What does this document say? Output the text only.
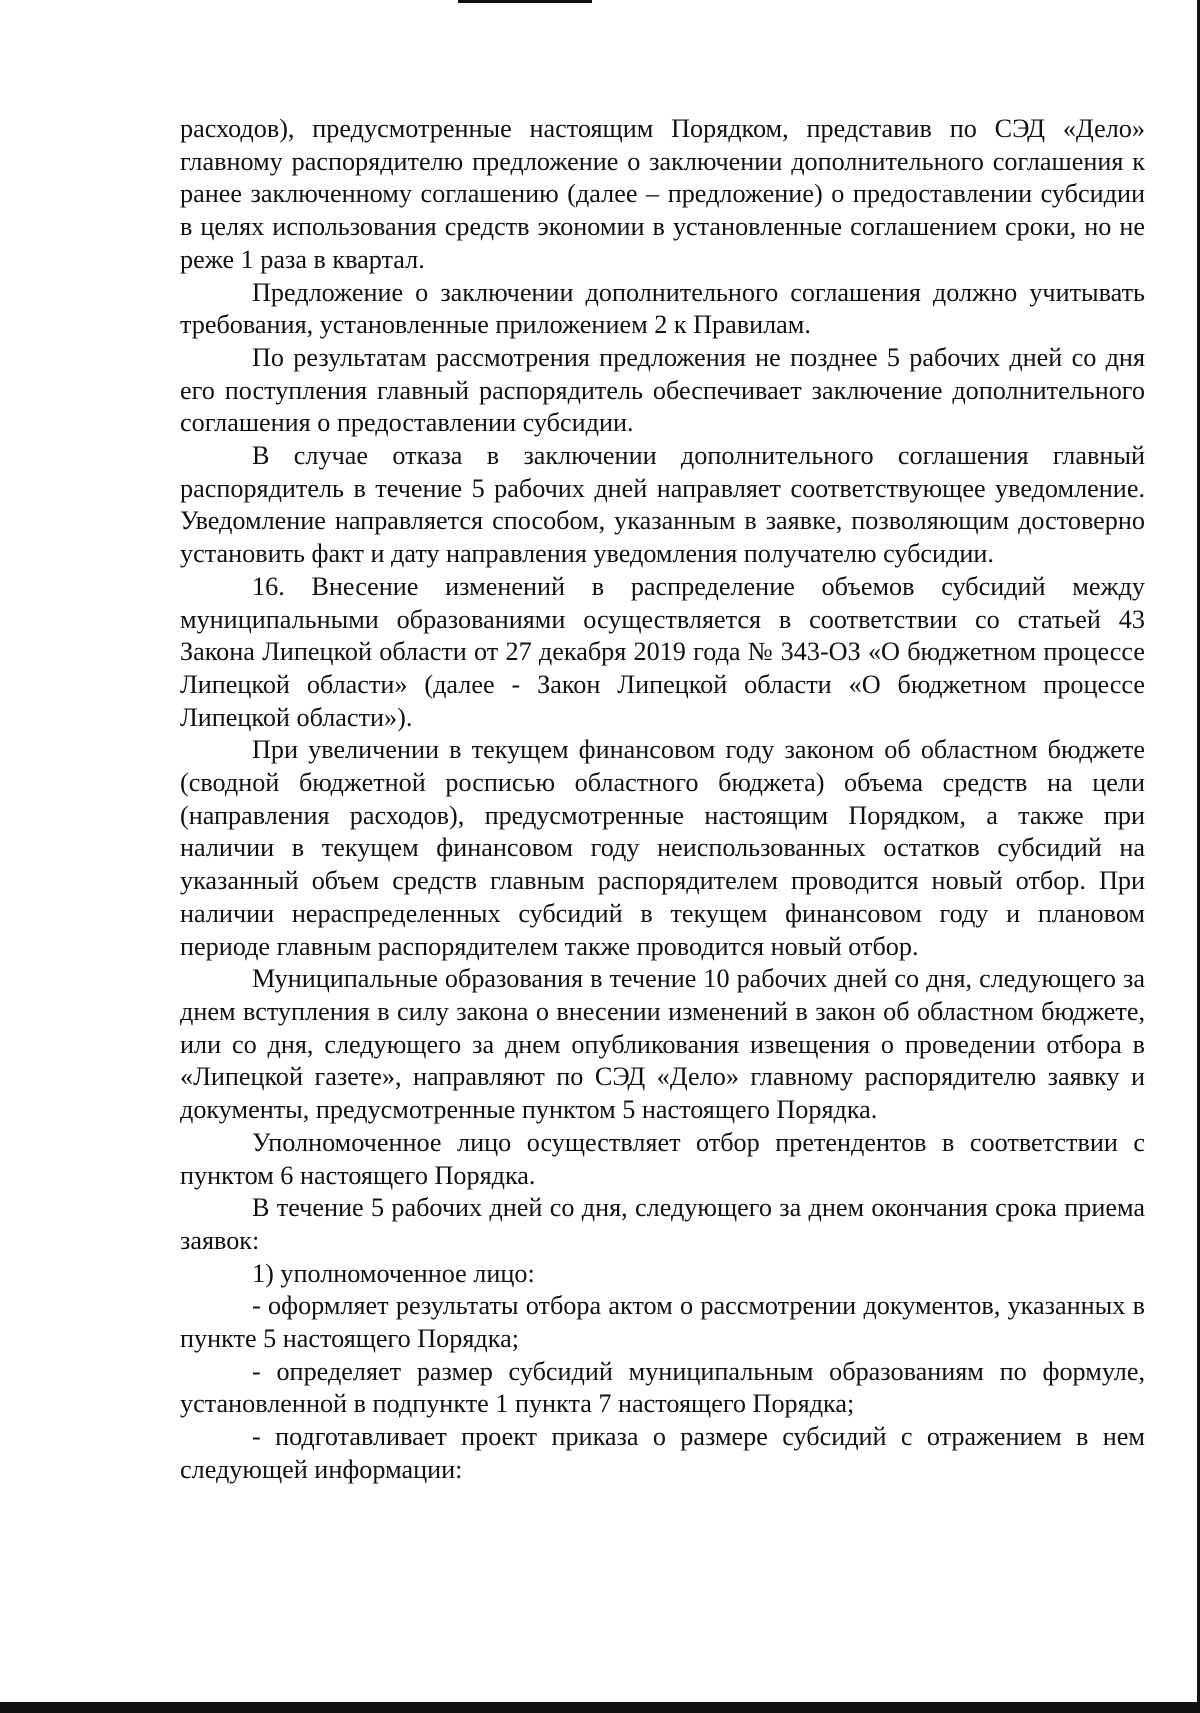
расходов), предусмотренные настоящим Порядком, представив по СЭД «Дело» главному распорядителю предложение о заключении дополнительного соглашения к ранее заключенному соглашению (далее – предложение) о предоставлении субсидии в целях использования средств экономии в установленные соглашением сроки, но не реже 1 раза в квартал.

Предложение о заключении дополнительного соглашения должно учитывать требования, установленные приложением 2 к Правилам.

По результатам рассмотрения предложения не позднее 5 рабочих дней со дня его поступления главный распорядитель обеспечивает заключение дополнительного соглашения о предоставлении субсидии.

В случае отказа в заключении дополнительного соглашения главный распорядитель в течение 5 рабочих дней направляет соответствующее уведомление. Уведомление направляется способом, указанным в заявке, позволяющим достоверно установить факт и дату направления уведомления получателю субсидии.

16. Внесение изменений в распределение объемов субсидий между муниципальными образованиями осуществляется в соответствии со статьей 43 Закона Липецкой области от 27 декабря 2019 года № 343-ОЗ «О бюджетном процессе Липецкой области» (далее - Закон Липецкой области «О бюджетном процессе Липецкой области»).

При увеличении в текущем финансовом году законом об областном бюджете (сводной бюджетной росписью областного бюджета) объема средств на цели (направления расходов), предусмотренные настоящим Порядком, а также при наличии в текущем финансовом году неиспользованных остатков субсидий на указанный объем средств главным распорядителем проводится новый отбор. При наличии нераспределенных субсидий в текущем финансовом году и плановом периоде главным распорядителем также проводится новый отбор.

Муниципальные образования в течение 10 рабочих дней со дня, следующего за днем вступления в силу закона о внесении изменений в закон об областном бюджете, или со дня, следующего за днем опубликования извещения о проведении отбора в «Липецкой газете», направляют по СЭД «Дело» главному распорядителю заявку и документы, предусмотренные пунктом 5 настоящего Порядка.

Уполномоченное лицо осуществляет отбор претендентов в соответствии с пунктом 6 настоящего Порядка.

В течение 5 рабочих дней со дня, следующего за днем окончания срока приема заявок:

1) уполномоченное лицо:

- оформляет результаты отбора актом о рассмотрении документов, указанных в пункте 5 настоящего Порядка;

- определяет размер субсидий муниципальным образованиям по формуле, установленной в подпункте 1 пункта 7 настоящего Порядка;

- подготавливает проект приказа о размере субсидий с отражением в нем следующей информации:
